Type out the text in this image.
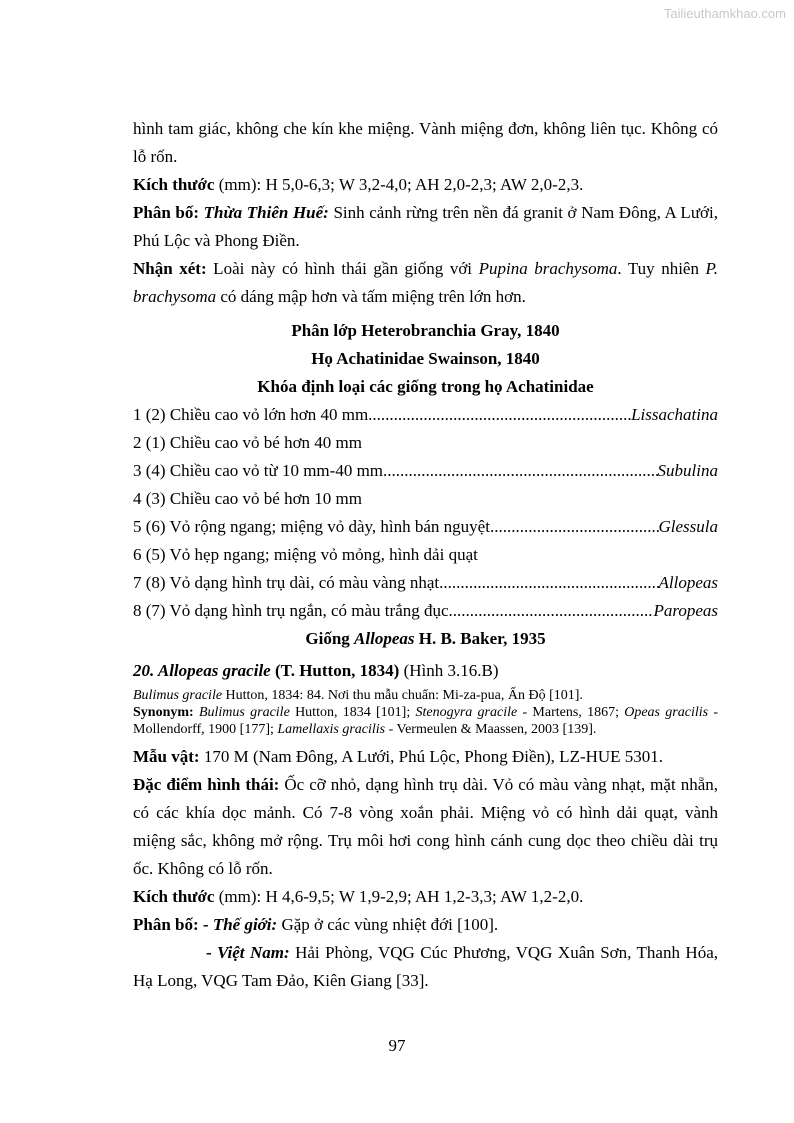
Tailieuthamkhao.com

hình tam giác, không che kín khe miệng. Vành miệng đơn, không liên tục. Không có lỗ rốn.

Kích thước (mm): H 5,0-6,3; W 3,2-4,0; AH 2,0-2,3; AW 2,0-2,3.

Phân bố: Thừa Thiên Huế: Sinh cảnh rừng trên nền đá granit ở Nam Đông, A Lưới, Phú Lộc và Phong Điền.

Nhận xét: Loài này có hình thái gần giống với Pupina brachysoma. Tuy nhiên P. brachysoma có dáng mập hơn và tấm miệng trên lớn hơn.

Phân lớp Heterobranchia Gray, 1840

Họ Achatinidae Swainson, 1840

Khóa định loại các giống trong họ Achatinidae

1 (2) Chiều cao vỏ lớn hơn 40 mm .....	Lissachatina

2 (1) Chiều cao vỏ bé hơn 40 mm

3 (4) Chiều cao vỏ từ 10 mm-40 mm .....	Subulina

4 (3) Chiều cao vỏ bé hơn 10 mm

5 (6) Vỏ rộng ngang; miệng vỏ dày, hình bán nguyệt .....	Glessula

6 (5) Vỏ hẹp ngang; miệng vỏ mỏng, hình dải quạt

7 (8) Vỏ dạng hình trụ dài, có màu vàng nhạt .....	Allopeas

8 (7) Vỏ dạng hình trụ ngắn, có màu trắng đục .....	Paropeas

Giống Allopeas H. B. Baker, 1935

20. Allopeas gracile (T. Hutton, 1834) (Hình 3.16.B)

Bulimus gracile Hutton, 1834: 84. Nơi thu mẫu chuẩn: Mi-za-pua, Ấn Độ [101].

Synonym: Bulimus gracile Hutton, 1834 [101]; Stenogyra gracile - Martens, 1867; Opeas gracilis - Mollendorff, 1900 [177]; Lamellaxis gracilis - Vermeulen & Maassen, 2003 [139].

Mẫu vật: 170 M (Nam Đông, A Lưới, Phú Lộc, Phong Điền), LZ-HUE 5301.

Đặc điểm hình thái: Ốc cỡ nhỏ, dạng hình trụ dài. Vỏ có màu vàng nhạt, mặt nhẵn, có các khía dọc mảnh. Có 7-8 vòng xoắn phải. Miệng vỏ có hình dải quạt, vành miệng sắc, không mở rộng. Trụ môi hơi cong hình cánh cung dọc theo chiều dài trụ ốc. Không có lỗ rốn.

Kích thước (mm): H 4,6-9,5; W 1,9-2,9; AH 1,2-3,3; AW 1,2-2,0.

Phân bố: - Thế giới: Gặp ở các vùng nhiệt đới [100].

- Việt Nam: Hải Phòng, VQG Cúc Phương, VQG Xuân Sơn, Thanh Hóa, Hạ Long, VQG Tam Đảo, Kiên Giang [33].

97
